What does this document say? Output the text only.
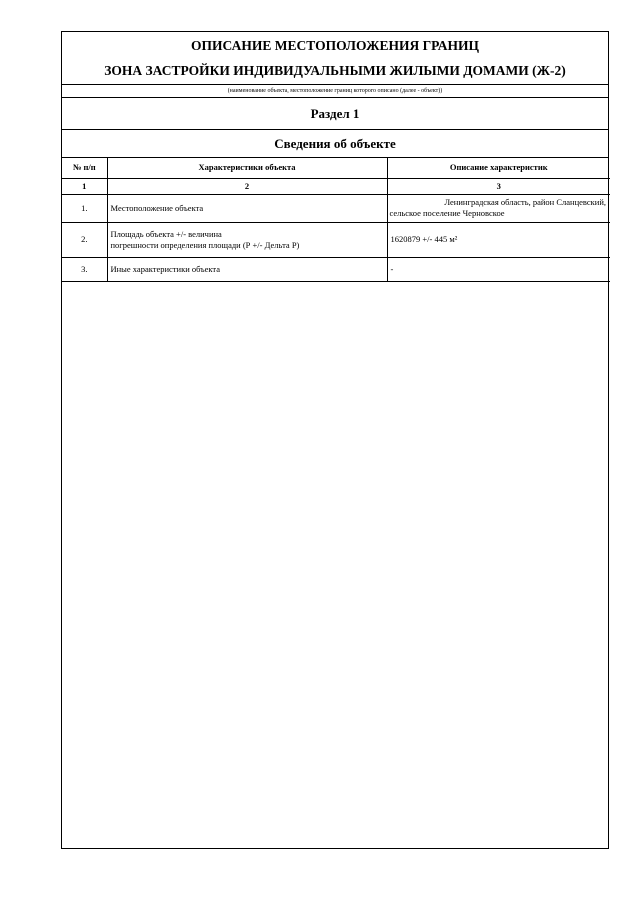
ОПИСАНИЕ МЕСТОПОЛОЖЕНИЯ ГРАНИЦ
ЗОНА ЗАСТРОЙКИ ИНДИВИДУАЛЬНЫМИ ЖИЛЫМИ ДОМАМИ (Ж-2)
(наименование объекта, местоположение границ которого описано (далее - объект))
Раздел 1
Сведения об объекте
№ п/п	Характеристики объекта	Описание характеристик
1	2	3
1.	Местоположение объекта	Ленинградская область, район Сланцевский,
сельское поселение Черновское

2.	Площадь объекта +/- величина
погрешности определения площади (Р +/- Дельта Р)	1620879 +/- 445 м²
3.	Иные характеристики объекта	-
